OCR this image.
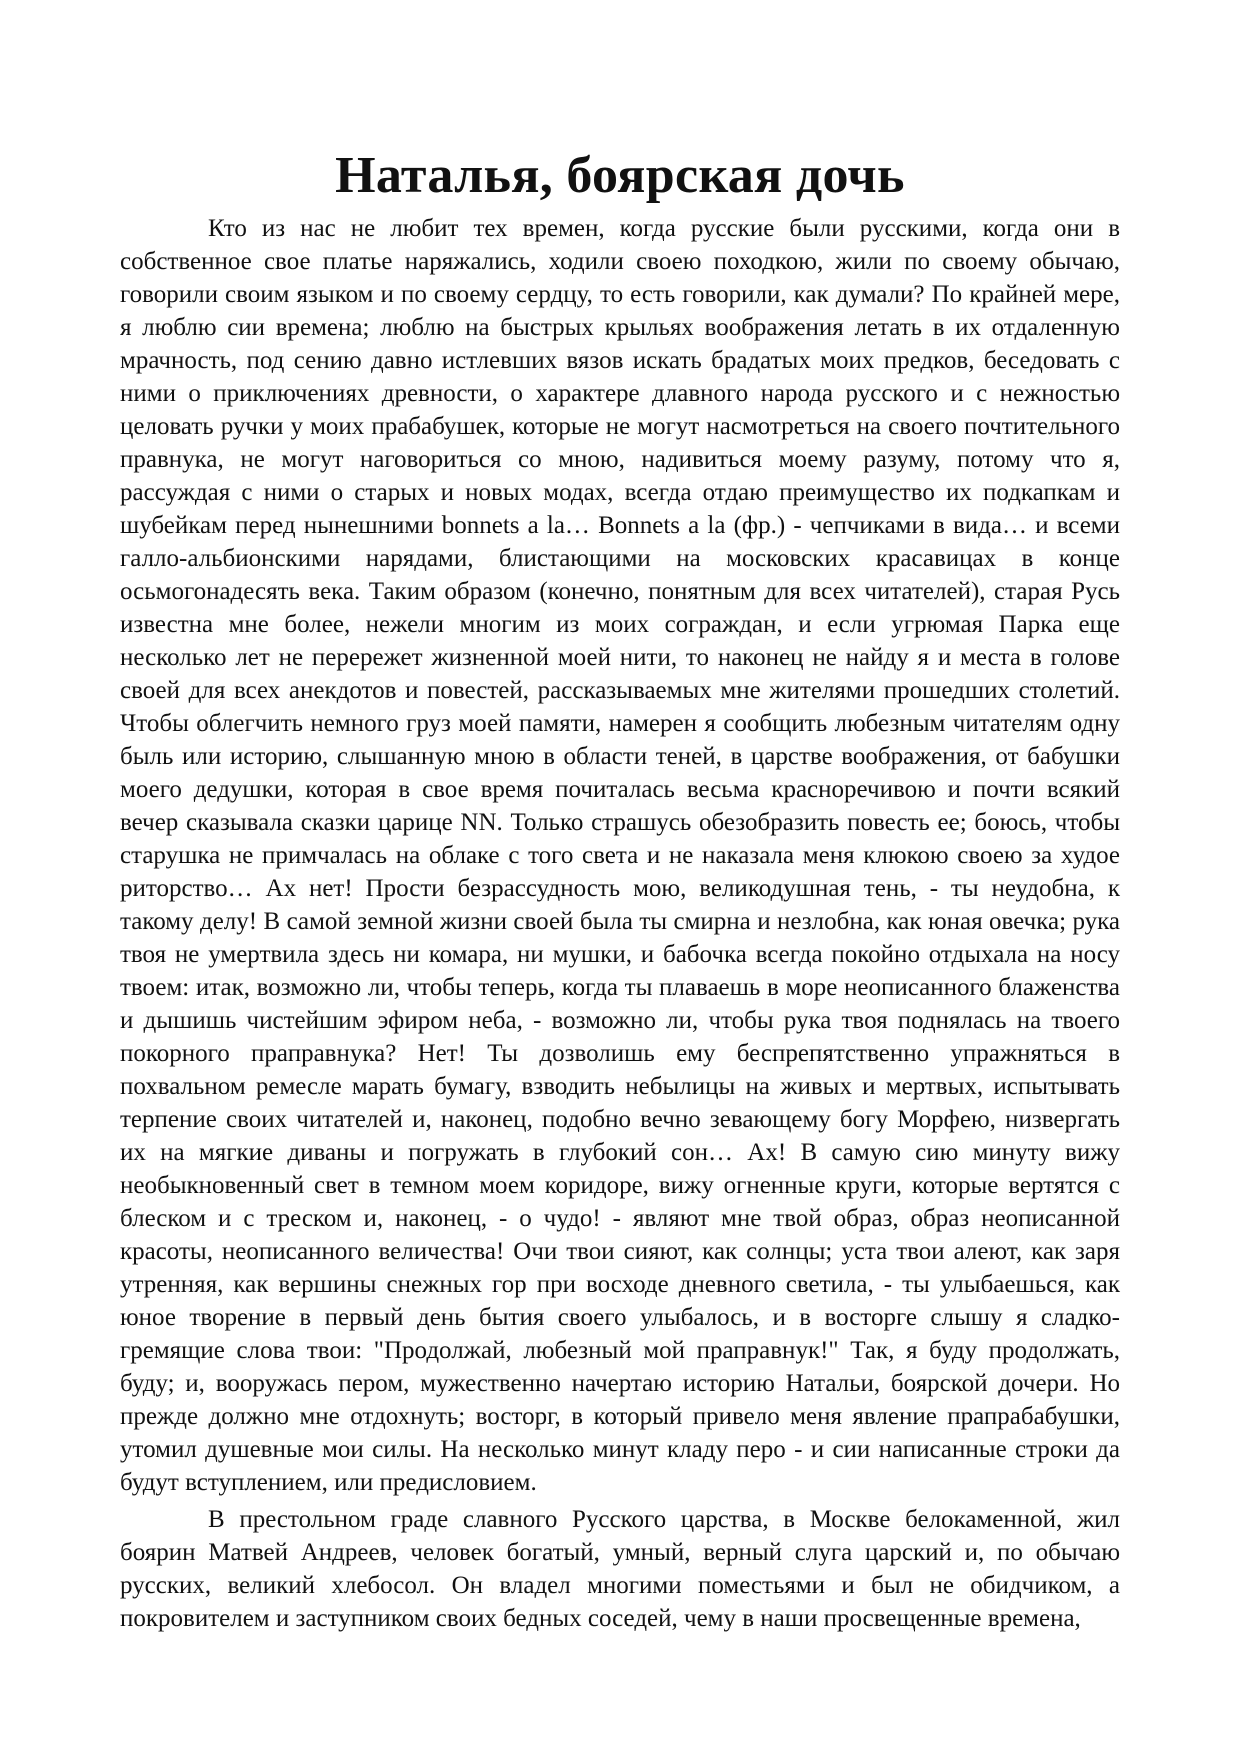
Наталья, боярская дочь

Кто из нас не любит тех времен, когда русские были русскими, когда они в собственное свое платье наряжались, ходили своею походкою, жили по своему обычаю, говорили своим языком и по своему сердцу, то есть говорили, как думали? По крайней мере, я люблю сии времена; люблю на быстрых крыльях воображения летать в их отдаленную мрачность, под сению давно истлевших вязов искать брадатых моих предков, беседовать с ними о приключениях древности, о характере длавного народа русского и с нежностью целовать ручки у моих прабабушек, которые не могут насмотреться на своего почтительного правнука, не могут наговориться со мною, надивиться моему разуму, потому что я, рассуждая с ними о старых и новых модах, всегда отдаю преимущество их подкапкам и шубейкам перед нынешними bonnets a la… Bonnets a la (фр.) - чепчиками в вида… и всеми галло-альбионскими нарядами, блистающими на московских красавицах в конце осьмогонадесять века. Таким образом (конечно, понятным для всех читателей), старая Русь известна мне более, нежели многим из моих сограждан, и если угрюмая Парка еще несколько лет не перережет жизненной моей нити, то наконец не найду я и места в голове своей для всех анекдотов и повестей, рассказываемых мне жителями прошедших столетий. Чтобы облегчить немного груз моей памяти, намерен я сообщить любезным читателям одну быль или историю, слышанную мною в области теней, в царстве воображения, от бабушки моего дедушки, которая в свое время почиталась весьма красноречивою и почти всякий вечер сказывала сказки царице NN. Только страшусь обезобразить повесть ее; боюсь, чтобы старушка не примчалась на облаке с того света и не наказала меня клюкою своею за худое риторство… Ах нет! Прости безрассудность мою, великодушная тень, - ты неудобна, к такому делу! В самой земной жизни своей была ты смирна и незлобна, как юная овечка; рука твоя не умертвила здесь ни комара, ни мушки, и бабочка всегда покойно отдыхала на носу твоем: итак, возможно ли, чтобы теперь, когда ты плаваешь в море неописанного блаженства и дышишь чистейшим эфиром неба, - возможно ли, чтобы рука твоя поднялась на твоего покорного праправнука? Нет! Ты дозволишь ему беспрепятственно упражняться в похвальном ремесле марать бумагу, взводить небылицы на живых и мертвых, испытывать терпение своих читателей и, наконец, подобно вечно зевающему богу Морфею, низвергать их на мягкие диваны и погружать в глубокий сон… Ах! В самую сию минуту вижу необыкновенный свет в темном моем коридоре, вижу огненные круги, которые вертятся с блеском и с треском и, наконец, - о чудо! - являют мне твой образ, образ неописанной красоты, неописанного величества! Очи твои сияют, как солнцы; уста твои алеют, как заря утренняя, как вершины снежных гор при восходе дневного светила, - ты улыбаешься, как юное творение в первый день бытия своего улыбалось, и в восторге слышу я сладко-гремящие слова твои: "Продолжай, любезный мой праправнук!" Так, я буду продолжать, буду; и, вооружась пером, мужественно начертаю историю Натальи, боярской дочери. Но прежде должно мне отдохнуть; восторг, в который привело меня явление прапрабабушки, утомил душевные мои силы. На несколько минут кладу перо - и сии написанные строки да будут вступлением, или предисловием.

В престольном граде славного Русского царства, в Москве белокаменной, жил боярин Матвей Андреев, человек богатый, умный, верный слуга царский и, по обычаю русских, великий хлебосол. Он владел многими поместьями и был не обидчиком, а покровителем и заступником своих бедных соседей, чему в наши просвещенные времена,
